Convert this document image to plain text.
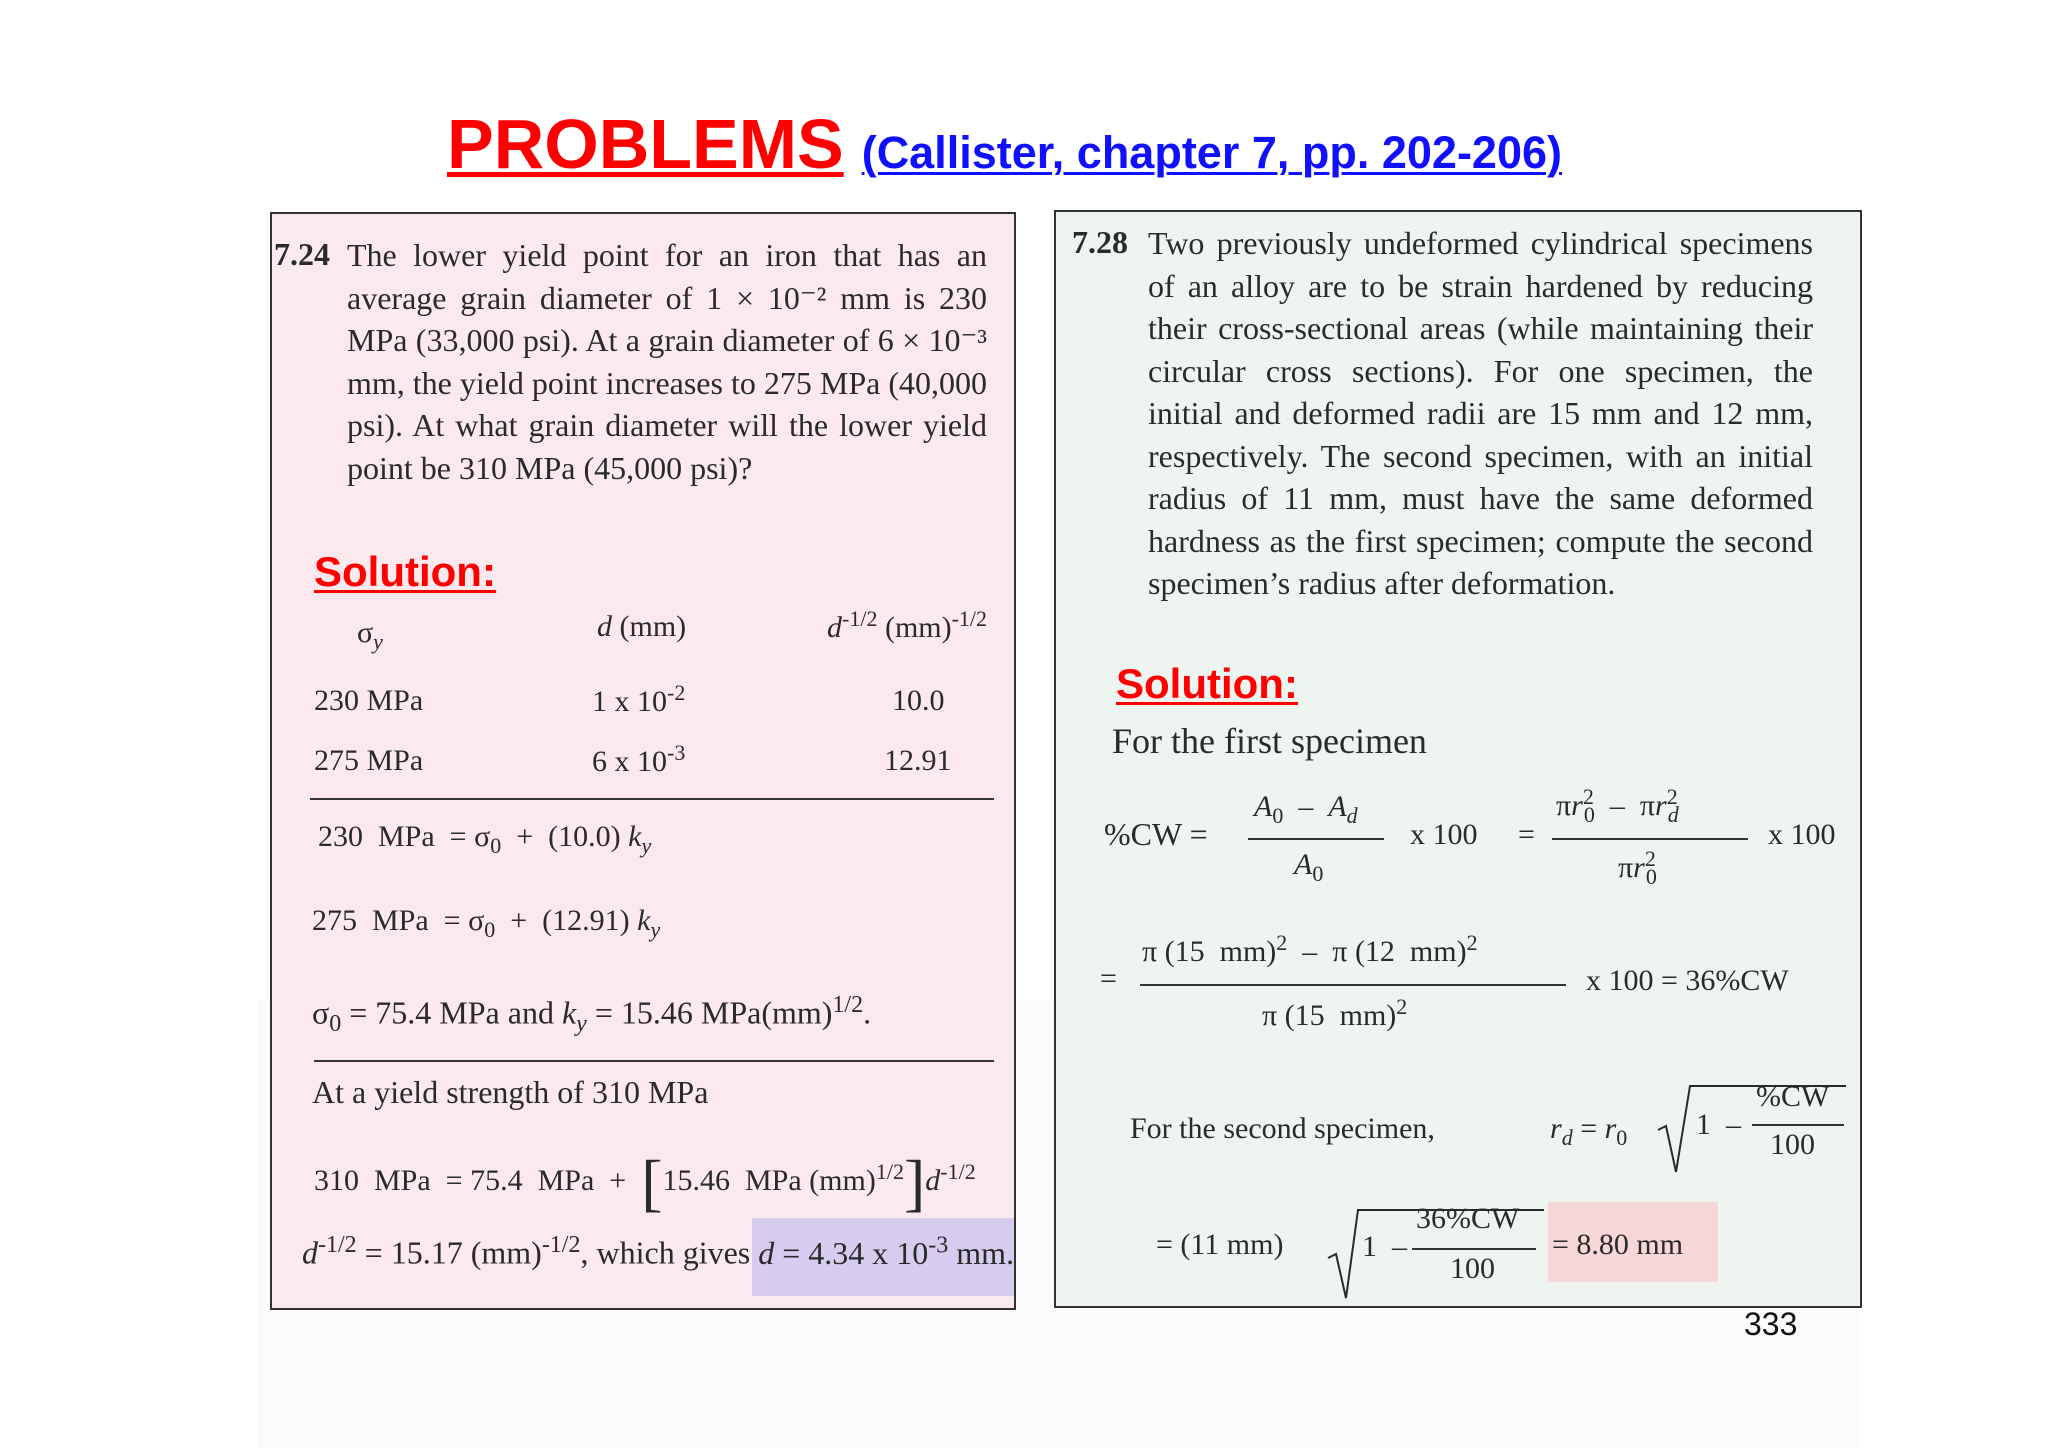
PROBLEMS (Callister, chapter 7, pp. 202-206)
7.24 The lower yield point for an iron that has an average grain diameter of 1 × 10⁻² mm is 230 MPa (33,000 psi). At a grain diameter of 6 × 10⁻³ mm, the yield point increases to 275 MPa (40,000 psi). At what grain diameter will the lower yield point be 310 MPa (45,000 psi)?
Solution:
$\sigma_y$	d (mm)	$d^{-1/2}$ (mm)$^{-1/2}$
230 MPa	1 x $10^{-2}$	10.0
275 MPa	6 x $10^{-3}$	12.91
230  MPa  = $\sigma_0 + (10.0)$ $k_y$
275  MPa  = $\sigma_0 + (12.91)$ $k_y$
$\sigma_0 = 75.4$ MPa and $k_y = 15.46$ MPa(mm)$^{1/2}$.
At a yield strength of 310 MPa
310  MPa  = 75.4  MPa  +  [15.46  MPa $(mm)^{1/2}]d^{-1/2}$
$d^{-1/2} = 15.17$ (mm)$^{-1/2}$, which gives d = 4.34 x $10^{-3}$ mm.
7.28 Two previously undeformed cylindrical specimens of an alloy are to be strain hardened by reducing their cross-sectional areas (while maintaining their circular cross sections). For one specimen, the initial and deformed radii are 15 mm and 12 mm, respectively. The second specimen, with an initial radius of 11 mm, must have the same deformed hardness as the first specimen; compute the second specimen’s radius after deformation.
Solution:
For the first specimen
%CW =
$A_0 - A_d$
$A_0$
x 100 =
$\pi r^2_0 - \pi r^2_d$
$\pi r^2_0$
x 100
=
π (15  mm)$^2$  –  π (12  mm)$^2$
π (15  mm)$^2$
x 100 = 36%CW
For the second specimen,	$r_d = r_0$ 1  –
%CW
100
= (11 mm)	1  –
36%CW
100
= 8.80 mm
333
